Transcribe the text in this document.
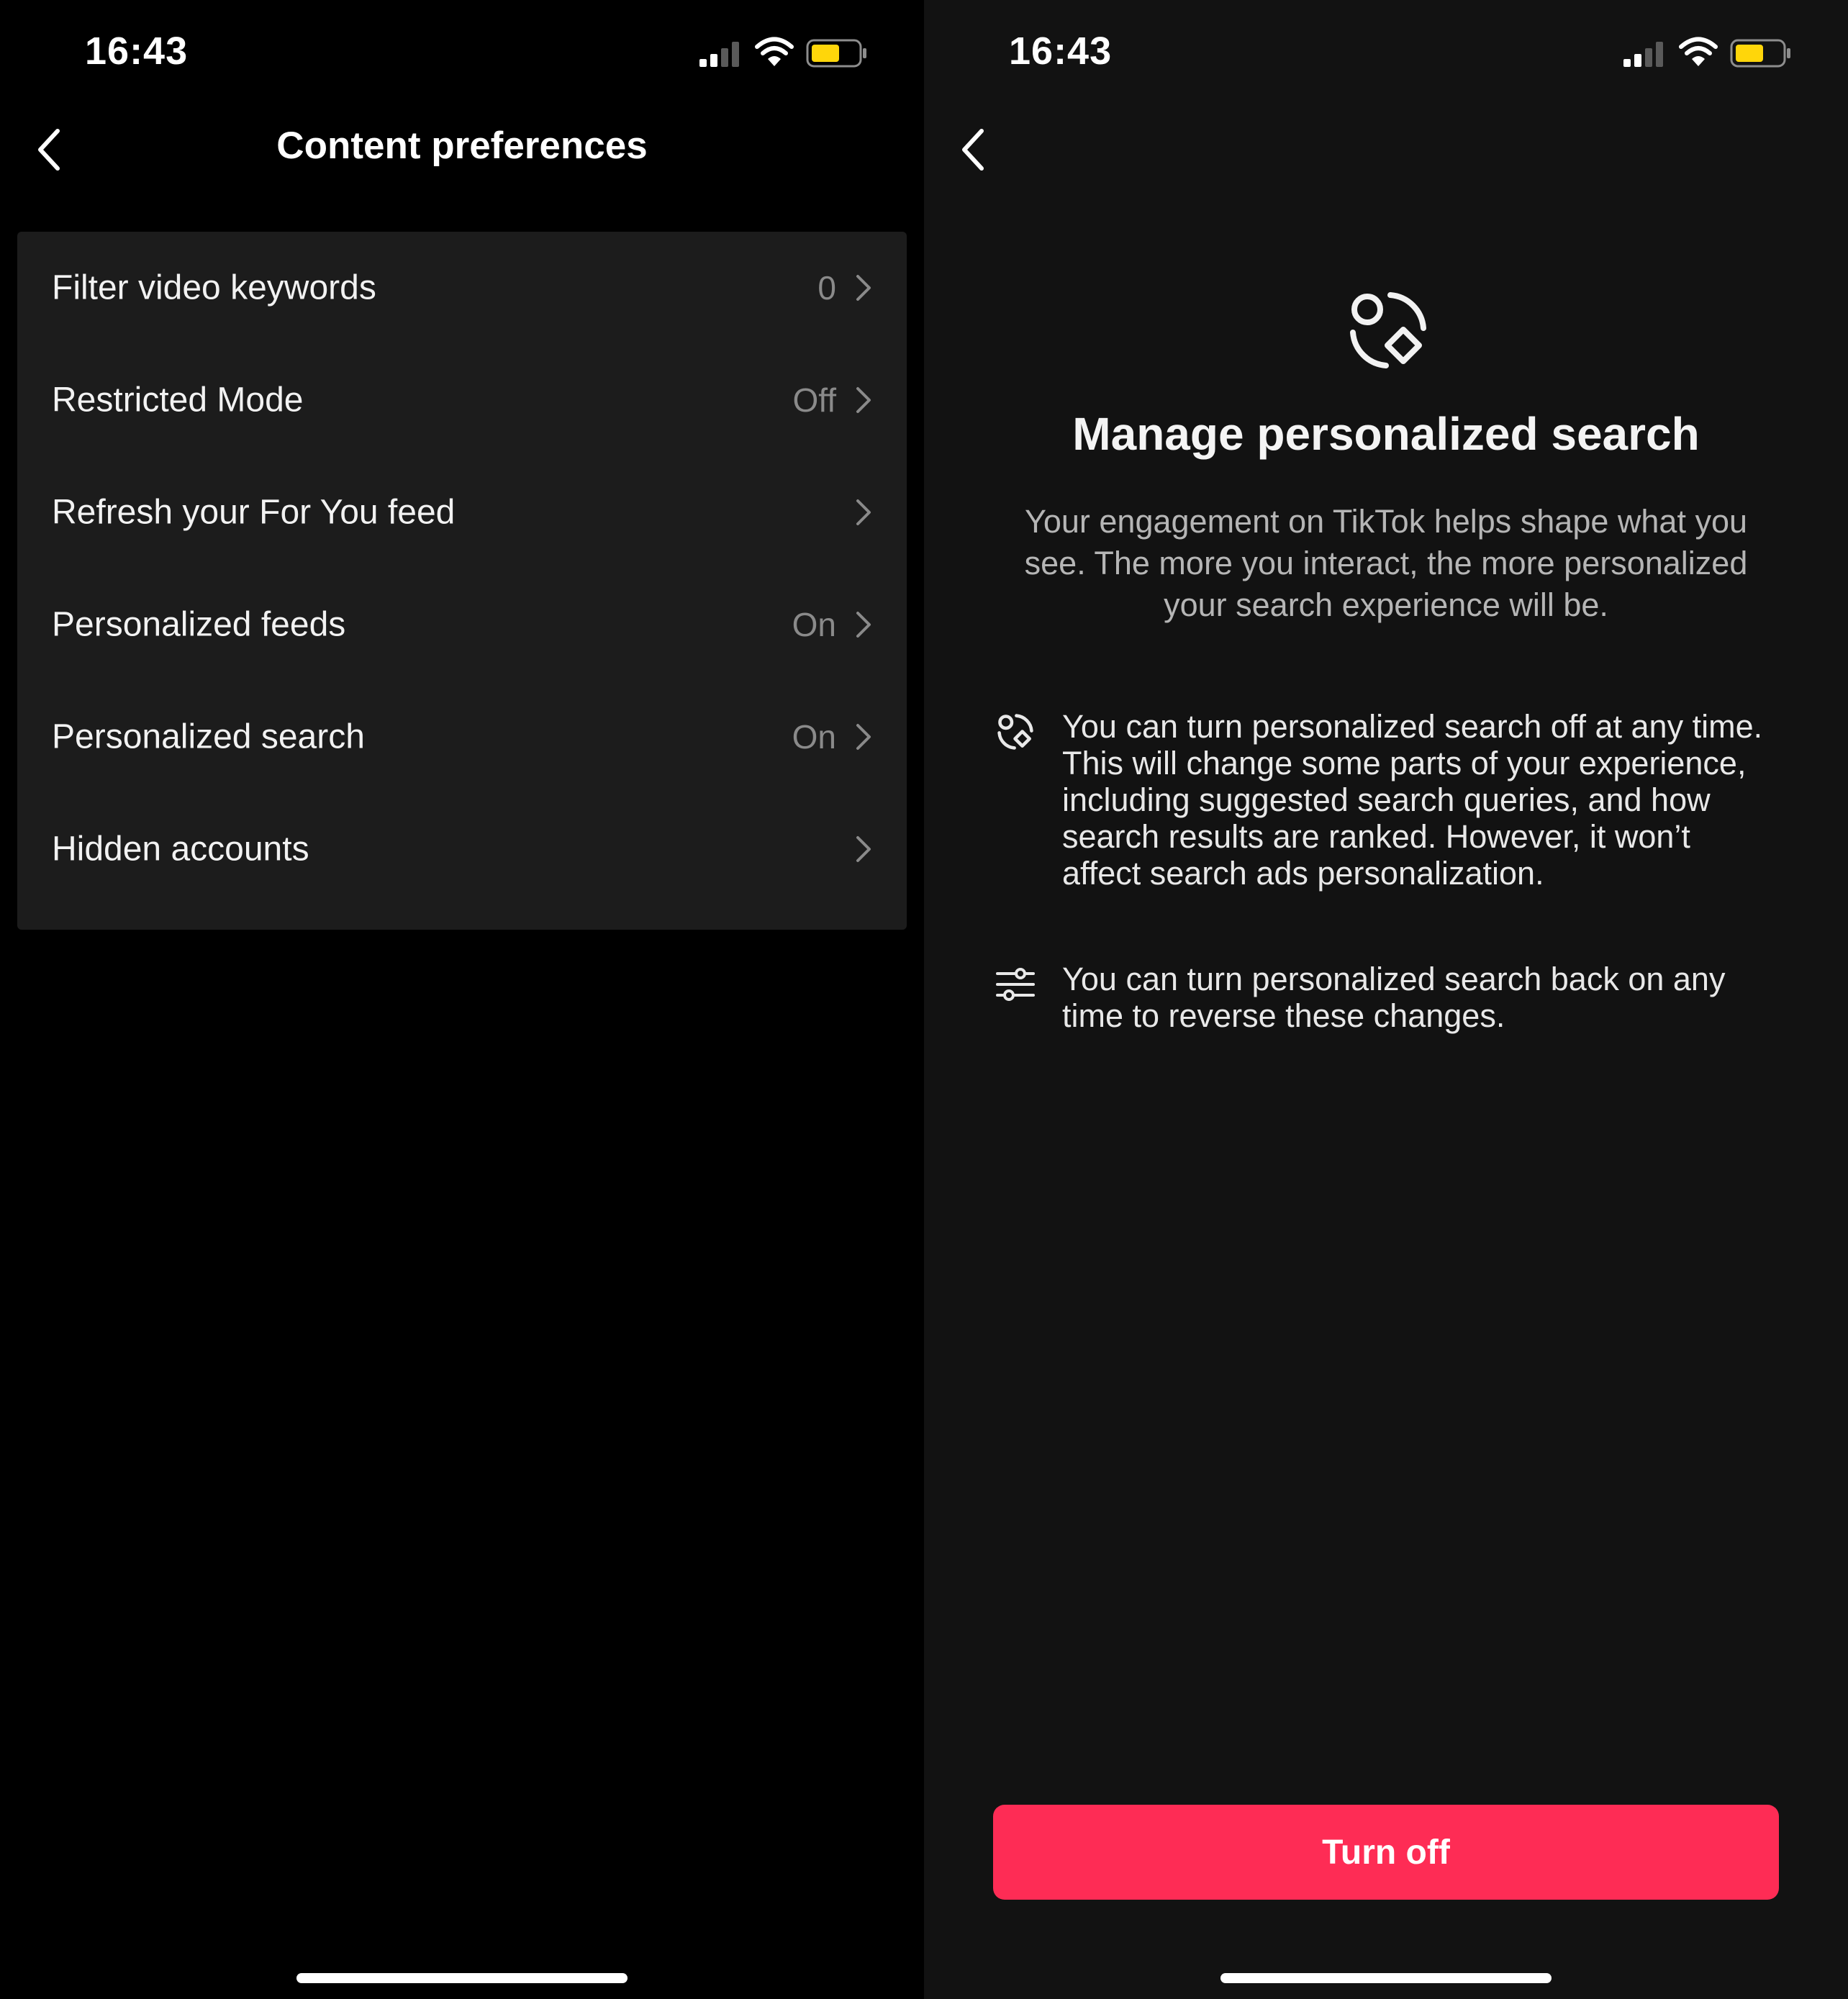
16:43
Content preferences
Filter video keywords	0
Restricted Mode	Off
Refresh your For You feed
Personalized feeds	On
Personalized search	On
Hidden accounts
16:43
Manage personalized search
Your engagement on TikTok helps shape what you see. The more you interact, the more personalized your search experience will be.
You can turn personalized search off at any time. This will change some parts of your experience, including suggested search queries, and how search results are ranked. However, it won’t affect search ads personalization.
You can turn personalized search back on any time to reverse these changes.
Turn off
